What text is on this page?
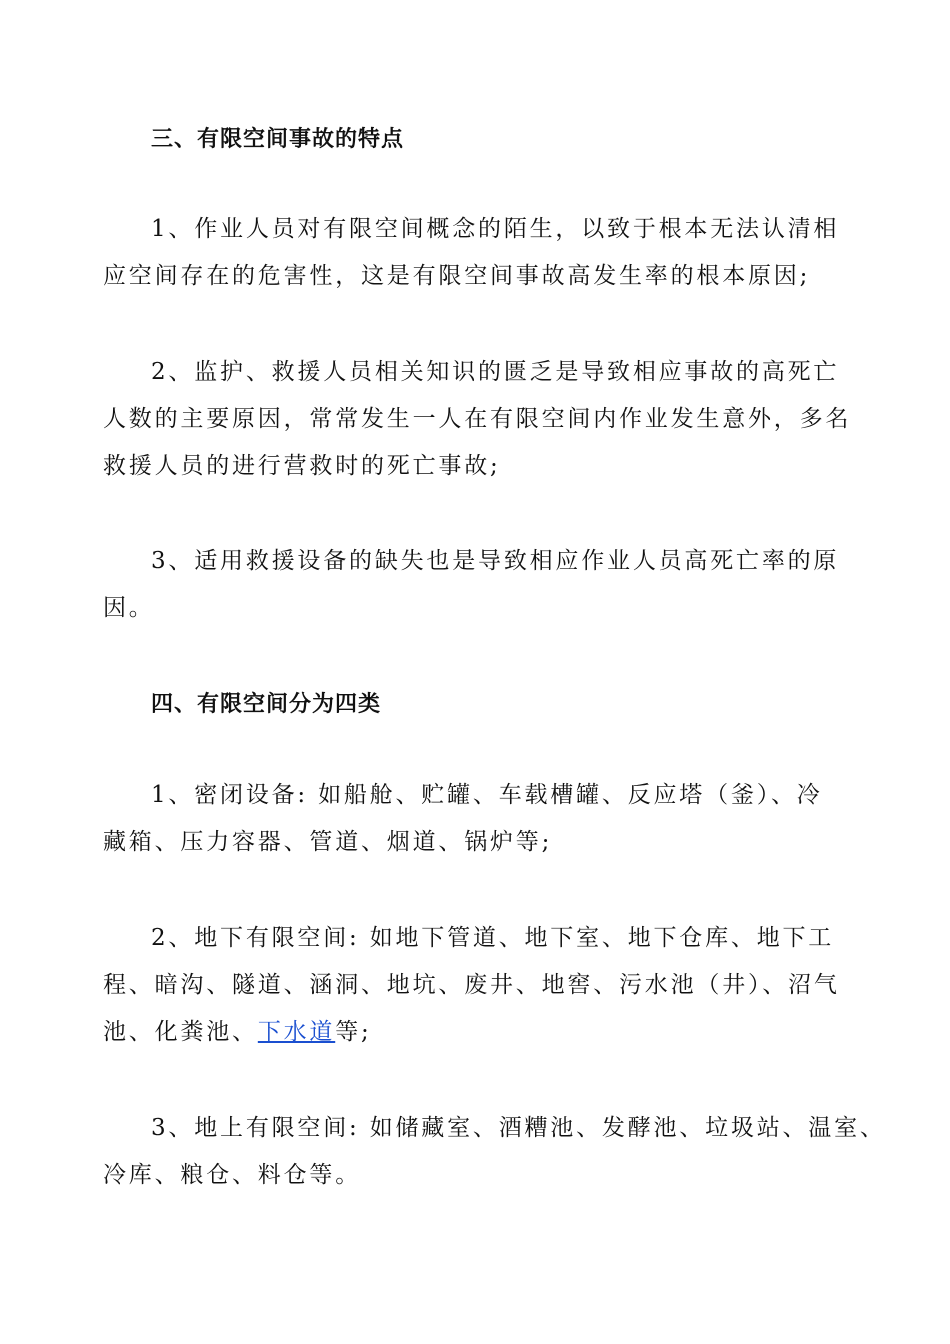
三、有限空间事故的特点
1、作业人员对有限空间概念的陌生，以致于根本无法认清相
应空间存在的危害性，这是有限空间事故高发生率的根本原因;
2、监护、救援人员相关知识的匮乏是导致相应事故的高死亡
人数的主要原因，常常发生一人在有限空间内作业发生意外，多名
救援人员的进行营救时的死亡事故;
3、适用救援设备的缺失也是导致相应作业人员高死亡率的原
因。
四、有限空间分为四类
1、密闭设备: 如船舱、贮罐、车载槽罐、反应塔（釜）、冷
藏箱、压力容器、管道、烟道、锅炉等;
2、地下有限空间: 如地下管道、地下室、地下仓库、地下工
程、暗沟、隧道、涵洞、地坑、废井、地窖、污水池（井）、沼气
池、化粪池、下水道等;
3、地上有限空间: 如储藏室、酒糟池、发酵池、垃圾站、温室、
冷库、粮仓、料仓等。
